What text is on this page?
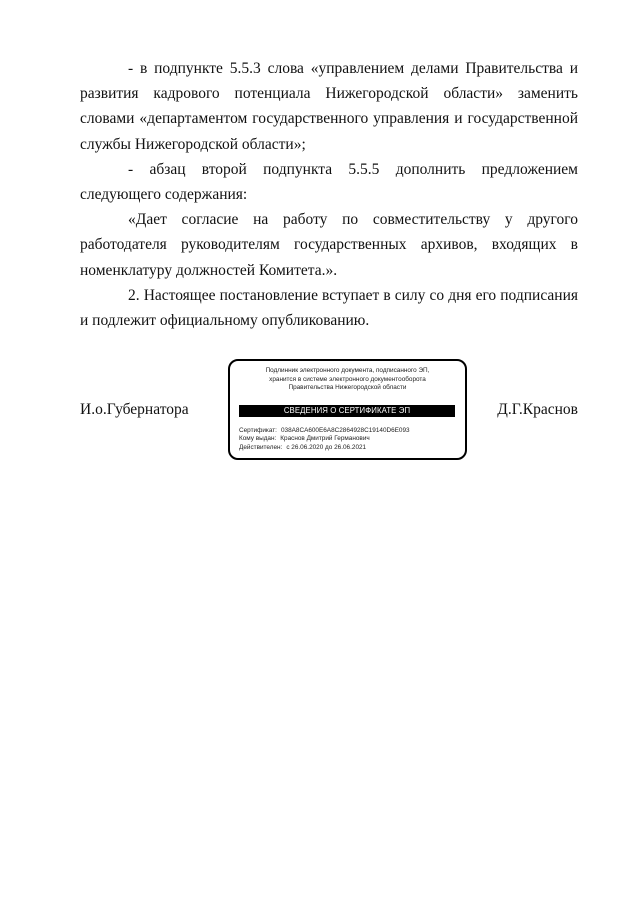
- в подпункте 5.5.3 слова «управлением делами Правительства и развития кадрового потенциала Нижегородской области» заменить словами «департаментом государственного управления и государственной службы Нижегородской области»;

- абзац второй подпункта 5.5.5 дополнить предложением следующего содержания:

«Дает согласие на работу по совместительству у другого работодателя руководителям государственных архивов, входящих в номенклатуру должностей Комитета.».

2. Настоящее постановление вступает в силу со дня его подписания и подлежит официальному опубликованию.

И.о.Губернатора
Подлинник электронного документа, подписанного ЭП,
хранится в системе электронного документооборота
Правительства Нижегородской области
СВЕДЕНИЯ О СЕРТИФИКАТЕ ЭП
Сертификат: 038A8CA600E6A8C2864928C19140D6E093
Кому выдан: Краснов Дмитрий Германович
Действителен: с 26.06.2020 до 26.06.2021
Д.Г.Краснов
